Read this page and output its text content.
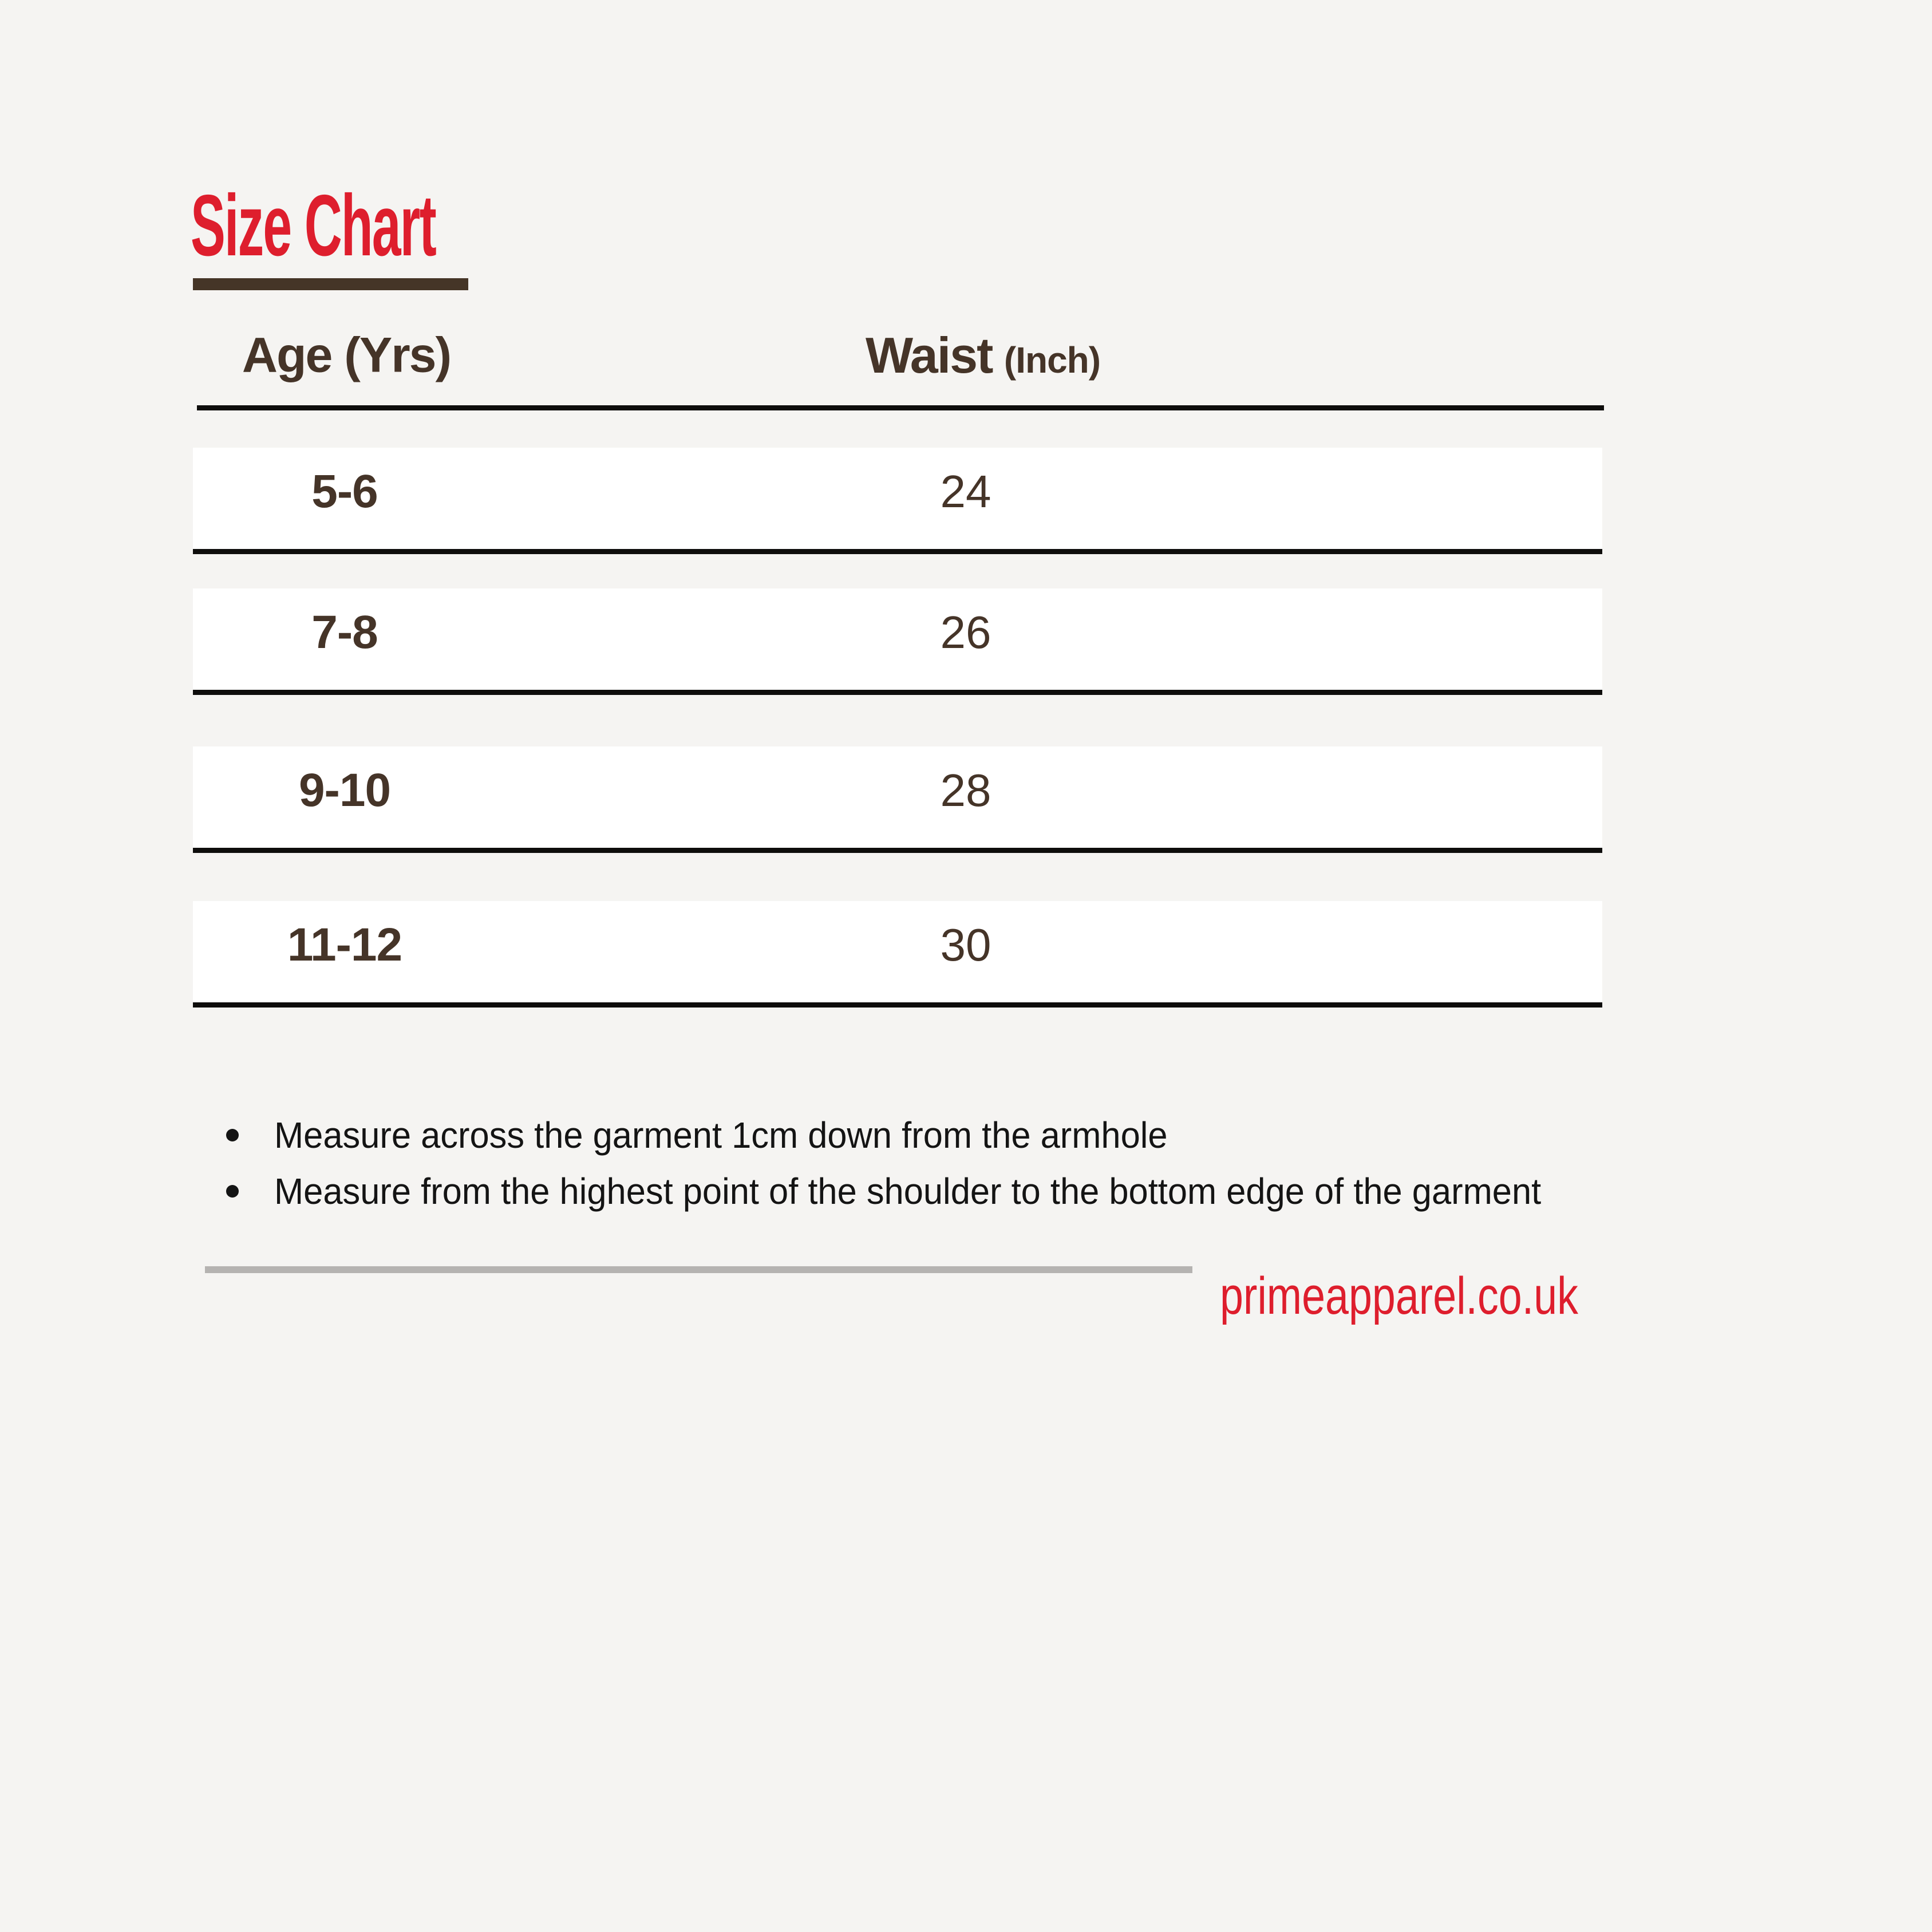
Size Chart
Age (Yrs)	Waist (Inch)
5-6	24
7-8	26
9-10	28
11-12	30
Measure across the garment 1cm down from the armhole
Measure from the highest point of the shoulder to the bottom edge of the garment
primeapparel.co.uk
